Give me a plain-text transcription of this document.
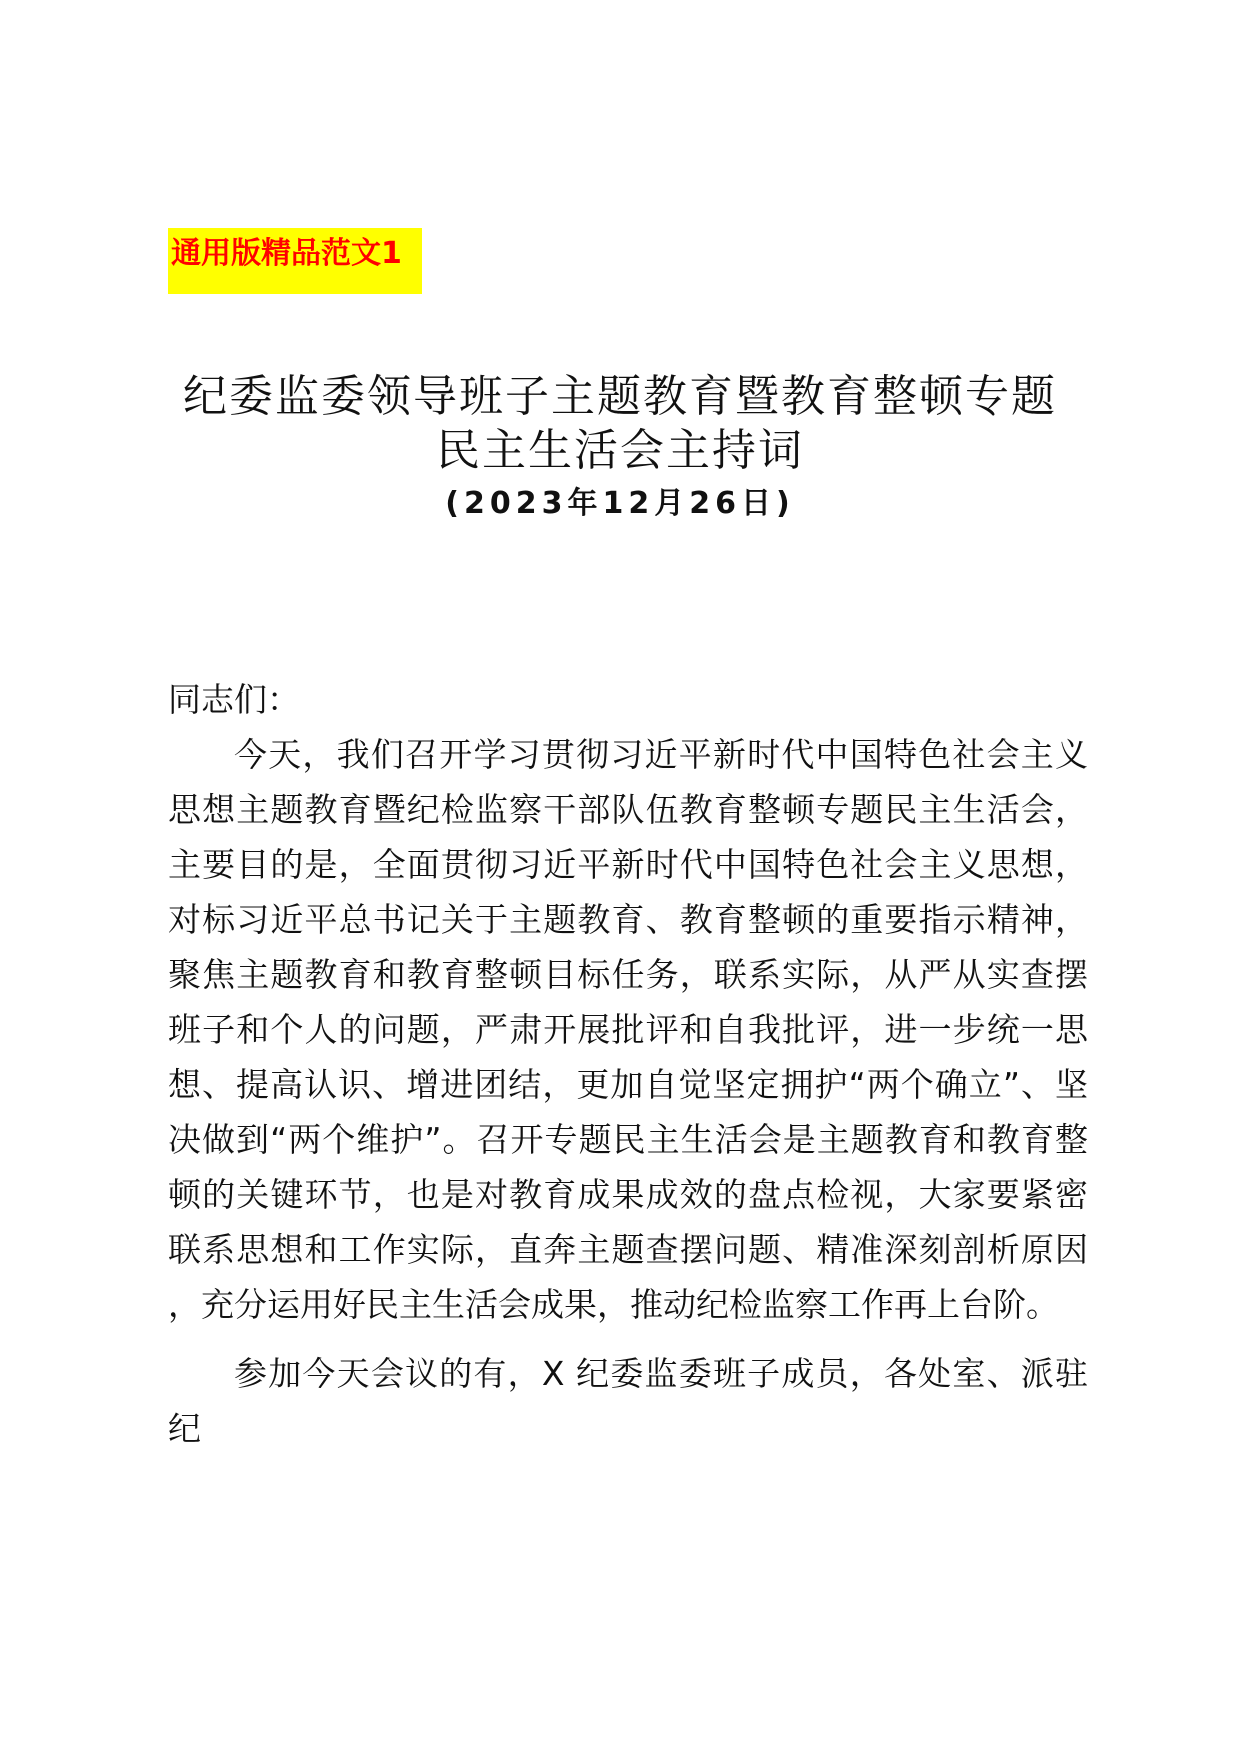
通用版精品范文1
纪委监委领导班子主题教育暨教育整顿专题
民主生活会主持词
(2023年12月26日)

同志们：

今天，我们召开学习贯彻习近平新时代中国特色社会主义思想主题教育暨纪检监察干部队伍教育整顿专题民主生活会，主要目的是，全面贯彻习近平新时代中国特色社会主义思想，对标习近平总书记关于主题教育、教育整顿的重要指示精神，聚焦主题教育和教育整顿目标任务，联系实际，从严从实查摆班子和个人的问题，严肃开展批评和自我批评，进一步统一思想、提高认识、增进团结，更加自觉坚定拥护“两个确立”、坚决做到“两个维护”。召开专题民主生活会是主题教育和教育整顿的关键环节，也是对教育成果成效的盘点检视，大家要紧密联系思想和工作实际，直奔主题查摆问题、精准深刻剖析原因，充分运用好民主生活会成果，推动纪检监察工作再上台阶。

参加今天会议的有，X 纪委监委班子成员，各处室、派驻纪
